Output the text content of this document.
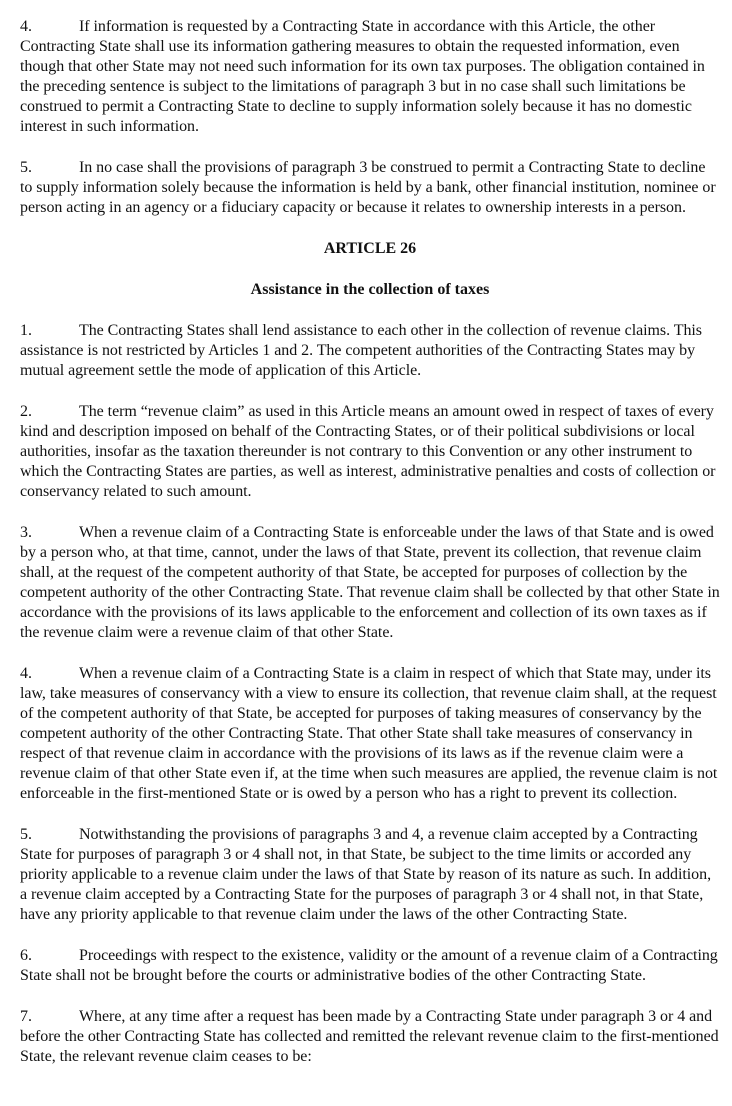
4.	If information is requested by a Contracting State in accordance with this Article, the other Contracting State shall use its information gathering measures to obtain the requested information, even though that other State may not need such information for its own tax purposes. The obligation contained in the preceding sentence is subject to the limitations of paragraph 3 but in no case shall such limitations be construed to permit a Contracting State to decline to supply information solely because it has no domestic interest in such information.

5.	In no case shall the provisions of paragraph 3 be construed to permit a Contracting State to decline to supply information solely because the information is held by a bank, other financial institution, nominee or person acting in an agency or a fiduciary capacity or because it relates to ownership interests in a person.

ARTICLE 26
Assistance in the collection of taxes

1.	The Contracting States shall lend assistance to each other in the collection of revenue claims. This assistance is not restricted by Articles 1 and 2. The competent authorities of the Contracting States may by mutual agreement settle the mode of application of this Article.

2.	The term “revenue claim” as used in this Article means an amount owed in respect of taxes of every kind and description imposed on behalf of the Contracting States, or of their political subdivisions or local authorities, insofar as the taxation thereunder is not contrary to this Convention or any other instrument to which the Contracting States are parties, as well as interest, administrative penalties and costs of collection or conservancy related to such amount.

3.	When a revenue claim of a Contracting State is enforceable under the laws of that State and is owed by a person who, at that time, cannot, under the laws of that State, prevent its collection, that revenue claim shall, at the request of the competent authority of that State, be accepted for purposes of collection by the competent authority of the other Contracting State. That revenue claim shall be collected by that other State in accordance with the provisions of its laws applicable to the enforcement and collection of its own taxes as if the revenue claim were a revenue claim of that other State.

4.	When a revenue claim of a Contracting State is a claim in respect of which that State may, under its law, take measures of conservancy with a view to ensure its collection, that revenue claim shall, at the request of the competent authority of that State, be accepted for purposes of taking measures of conservancy by the competent authority of the other Contracting State. That other State shall take measures of conservancy in respect of that revenue claim in accordance with the provisions of its laws as if the revenue claim were a revenue claim of that other State even if, at the time when such measures are applied, the revenue claim is not enforceable in the first-mentioned State or is owed by a person who has a right to prevent its collection.

5.	Notwithstanding the provisions of paragraphs 3 and 4, a revenue claim accepted by a Contracting State for purposes of paragraph 3 or 4 shall not, in that State, be subject to the time limits or accorded any priority applicable to a revenue claim under the laws of that State by reason of its nature as such. In addition, a revenue claim accepted by a Contracting State for the purposes of paragraph 3 or 4 shall not, in that State, have any priority applicable to that revenue claim under the laws of the other Contracting State.

6.	Proceedings with respect to the existence, validity or the amount of a revenue claim of a Contracting State shall not be brought before the courts or administrative bodies of the other Contracting State.

7.	Where, at any time after a request has been made by a Contracting State under paragraph 3 or 4 and before the other Contracting State has collected and remitted the relevant revenue claim to the first-mentioned State, the relevant revenue claim ceases to be:
